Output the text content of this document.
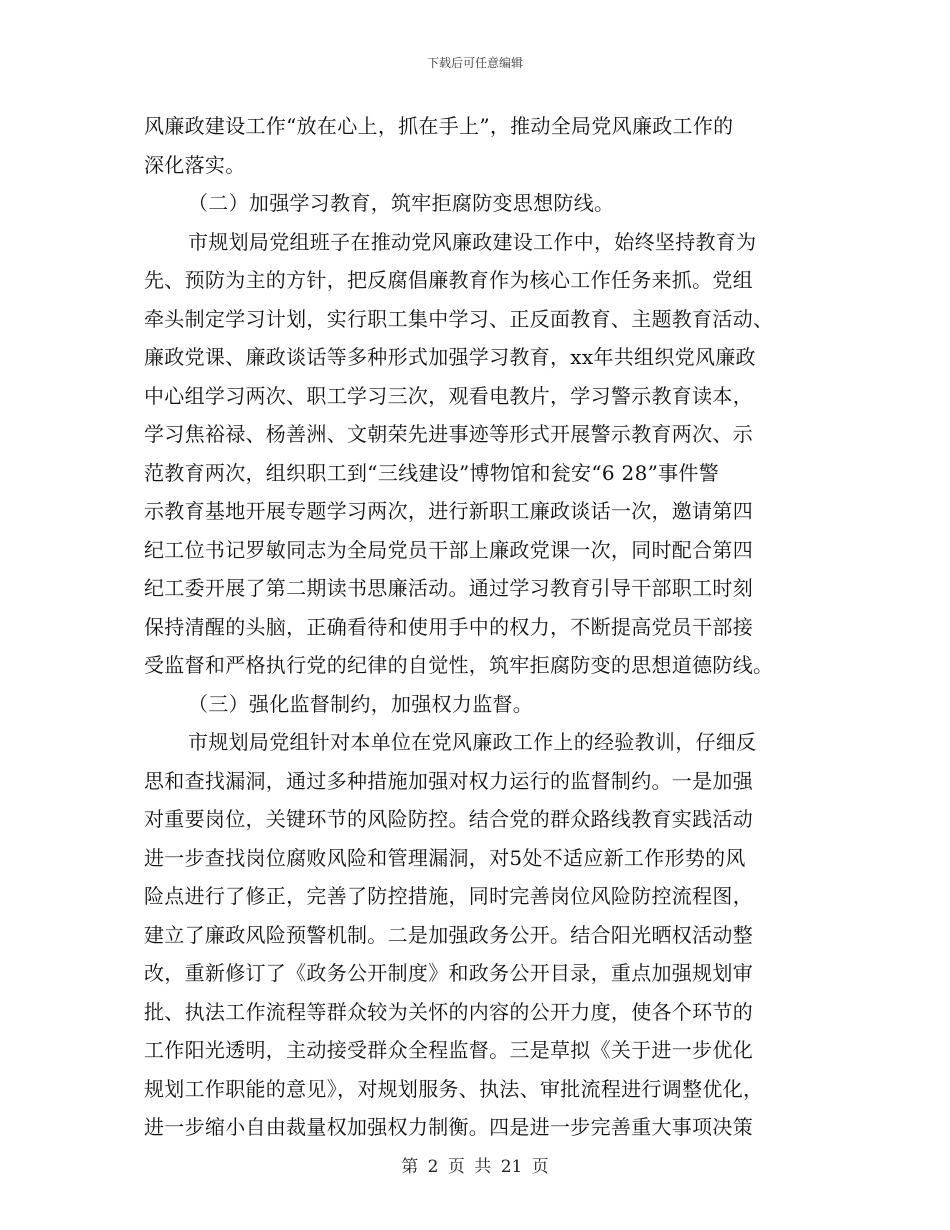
下载后可任意编辑
风廉政建设工作“放在心上，抓在手上”，推动全局党风廉政工作的
深化落实。
（二）加强学习教育，筑牢拒腐防变思想防线。
市规划局党组班子在推动党风廉政建设工作中，始终坚持教育为
先、预防为主的方针，把反腐倡廉教育作为核心工作任务来抓。党组
牵头制定学习计划，实行职工集中学习、正反面教育、主题教育活动、
廉政党课、廉政谈话等多种形式加强学习教育，xx年共组织党风廉政
中心组学习两次、职工学习三次，观看电教片，学习警示教育读本，
学习焦裕禄、杨善洲、文朝荣先进事迹等形式开展警示教育两次、示
范教育两次，组织职工到“三线建设”博物馆和瓮安“6 28”事件警
示教育基地开展专题学习两次，进行新职工廉政谈话一次，邀请第四
纪工位书记罗敏同志为全局党员干部上廉政党课一次，同时配合第四
纪工委开展了第二期读书思廉活动。通过学习教育引导干部职工时刻
保持清醒的头脑，正确看待和使用手中的权力，不断提高党员干部接
受监督和严格执行党的纪律的自觉性，筑牢拒腐防变的思想道德防线。
（三）强化监督制约，加强权力监督。
市规划局党组针对本单位在党风廉政工作上的经验教训，仔细反
思和查找漏洞，通过多种措施加强对权力运行的监督制约。一是加强
对重要岗位，关键环节的风险防控。结合党的群众路线教育实践活动
进一步查找岗位腐败风险和管理漏洞，对5处不适应新工作形势的风
险点进行了修正，完善了防控措施，同时完善岗位风险防控流程图，
建立了廉政风险预警机制。二是加强政务公开。结合阳光晒权活动整
改，重新修订了《政务公开制度》和政务公开目录，重点加强规划审
批、执法工作流程等群众较为关怀的内容的公开力度，使各个环节的
工作阳光透明，主动接受群众全程监督。三是草拟《关于进一步优化
规划工作职能的意见》，对规划服务、执法、审批流程进行调整优化，
进一步缩小自由裁量权加强权力制衡。四是进一步完善重大事项决策
第 2 页 共 21 页
